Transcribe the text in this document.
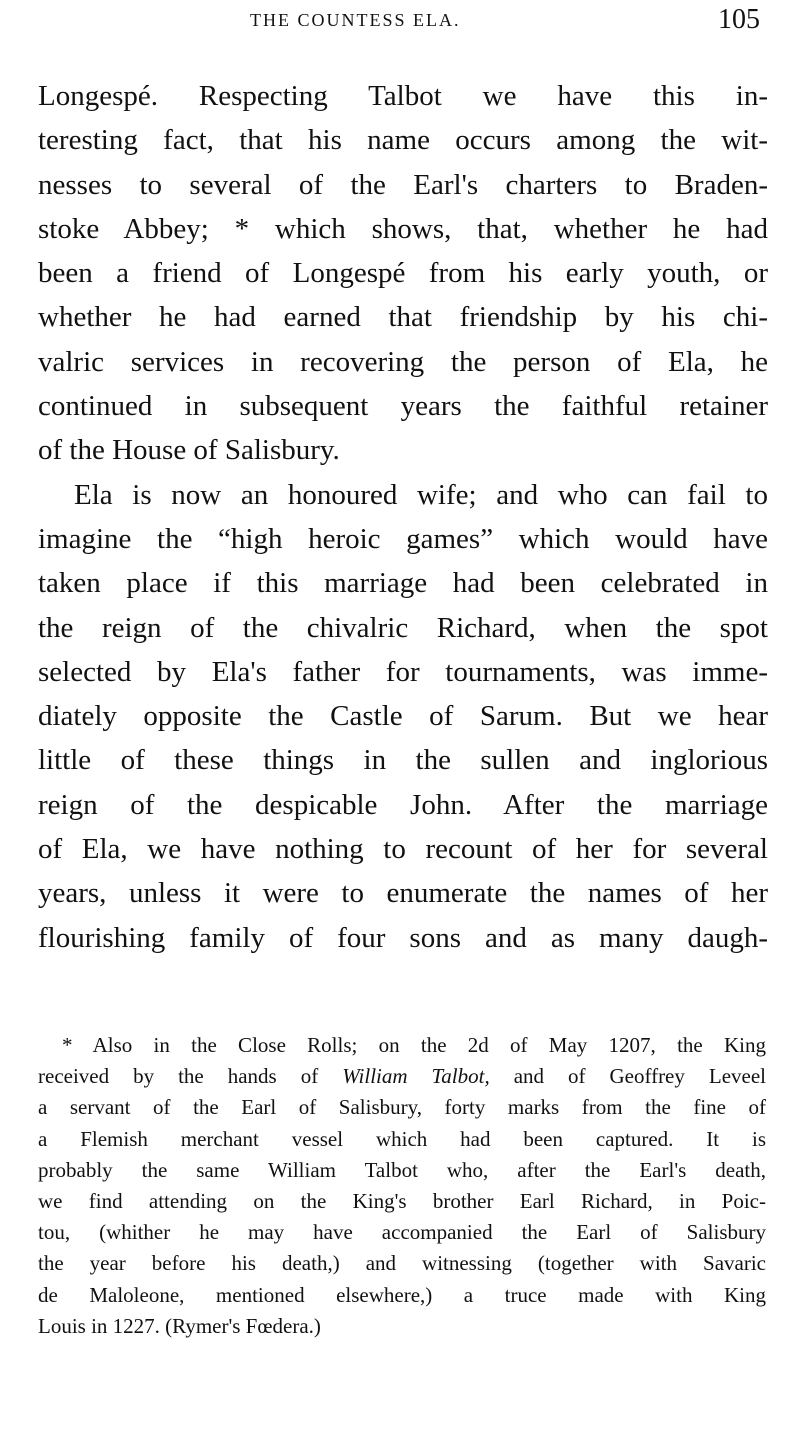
THE COUNTESS ELA.	105
Longespé. Respecting Talbot we have this in-
teresting fact, that his name occurs among the wit-
nesses to several of the Earl's charters to Braden-
stoke Abbey; * which shows, that, whether he had
been a friend of Longespé from his early youth, or
whether he had earned that friendship by his chi-
valric services in recovering the person of Ela, he
continued in subsequent years the faithful retainer
of the House of Salisbury.
Ela is now an honoured wife; and who can fail to
imagine the “high heroic games” which would have
taken place if this marriage had been celebrated in
the reign of the chivalric Richard, when the spot
selected by Ela's father for tournaments, was imme-
diately opposite the Castle of Sarum. But we hear
little of these things in the sullen and inglorious
reign of the despicable John. After the marriage
of Ela, we have nothing to recount of her for several
years, unless it were to enumerate the names of her
flourishing family of four sons and as many daugh-
* Also in the Close Rolls; on the 2d of May 1207, the King
received by the hands of William Talbot, and of Geoffrey Leveel
a servant of the Earl of Salisbury, forty marks from the fine of
a Flemish merchant vessel which had been captured. It is
probably the same William Talbot who, after the Earl's death,
we find attending on the King's brother Earl Richard, in Poic-
tou, (whither he may have accompanied the Earl of Salisbury
the year before his death,) and witnessing (together with Savaric
de Maloleone, mentioned elsewhere,) a truce made with King
Louis in 1227. (Rymer's Fœdera.)
